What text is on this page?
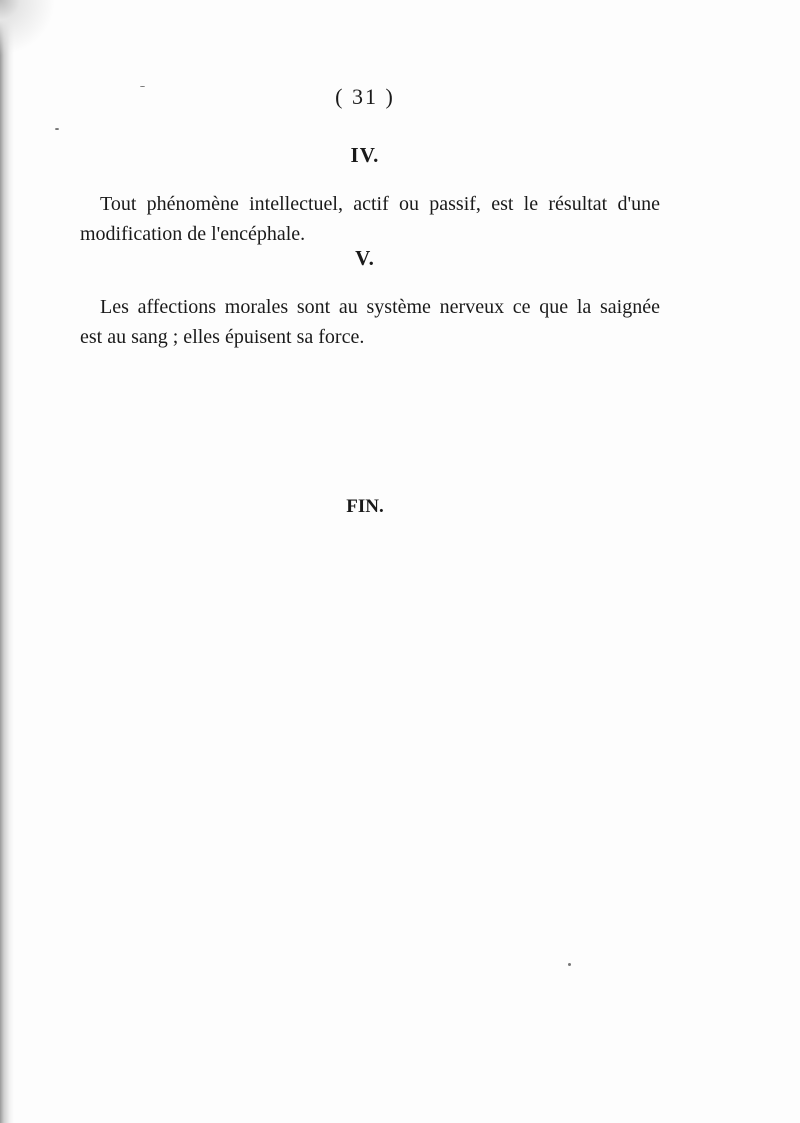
( 31 )
IV.
Tout phénomène intellectuel, actif ou passif, est le résultat d'une
modification de l'encéphale.
V.
Les affections morales sont au système nerveux ce que la saignée
est au sang ; elles épuisent sa force.
FIN.
